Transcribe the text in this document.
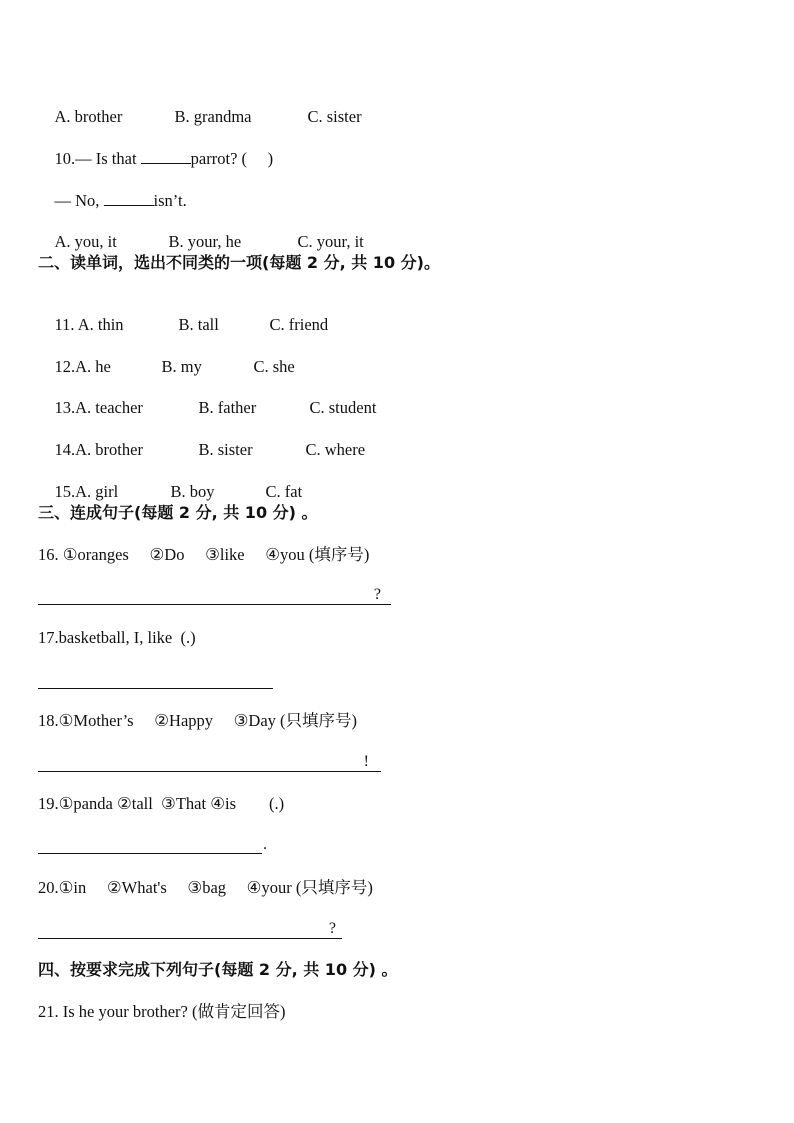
A. brother	B. grandma	C. sister

10.— Is that	parrot? (     )

— No,	isn’t.

A. you, it	B. your, he	C. your, it

二、读单词，选出不同类的一项(每题 2 分, 共 10 分)。

11. A. thin	B. tall	C. friend

12.A. he	B. my	C. she

13.A. teacher	B. father	C. student

14.A. brother	B. sister	C. where

15.A. girl	B. boy	C. fat

三、连成句子(每题 2 分, 共 10 分) 。
16. ①oranges     ②Do     ③like     ④you (填序号)
?
17.basketball, I, like  (.)
18.①Mother’s     ②Happy     ③Day (只填序号)
!
19.①panda ②tall  ③That ④is        (.)
.
20.①in     ②What's     ③bag     ④your (只填序号)
?
四、按要求完成下列句子(每题 2 分, 共 10 分) 。
21. Is he your brother? (做肯定回答)
